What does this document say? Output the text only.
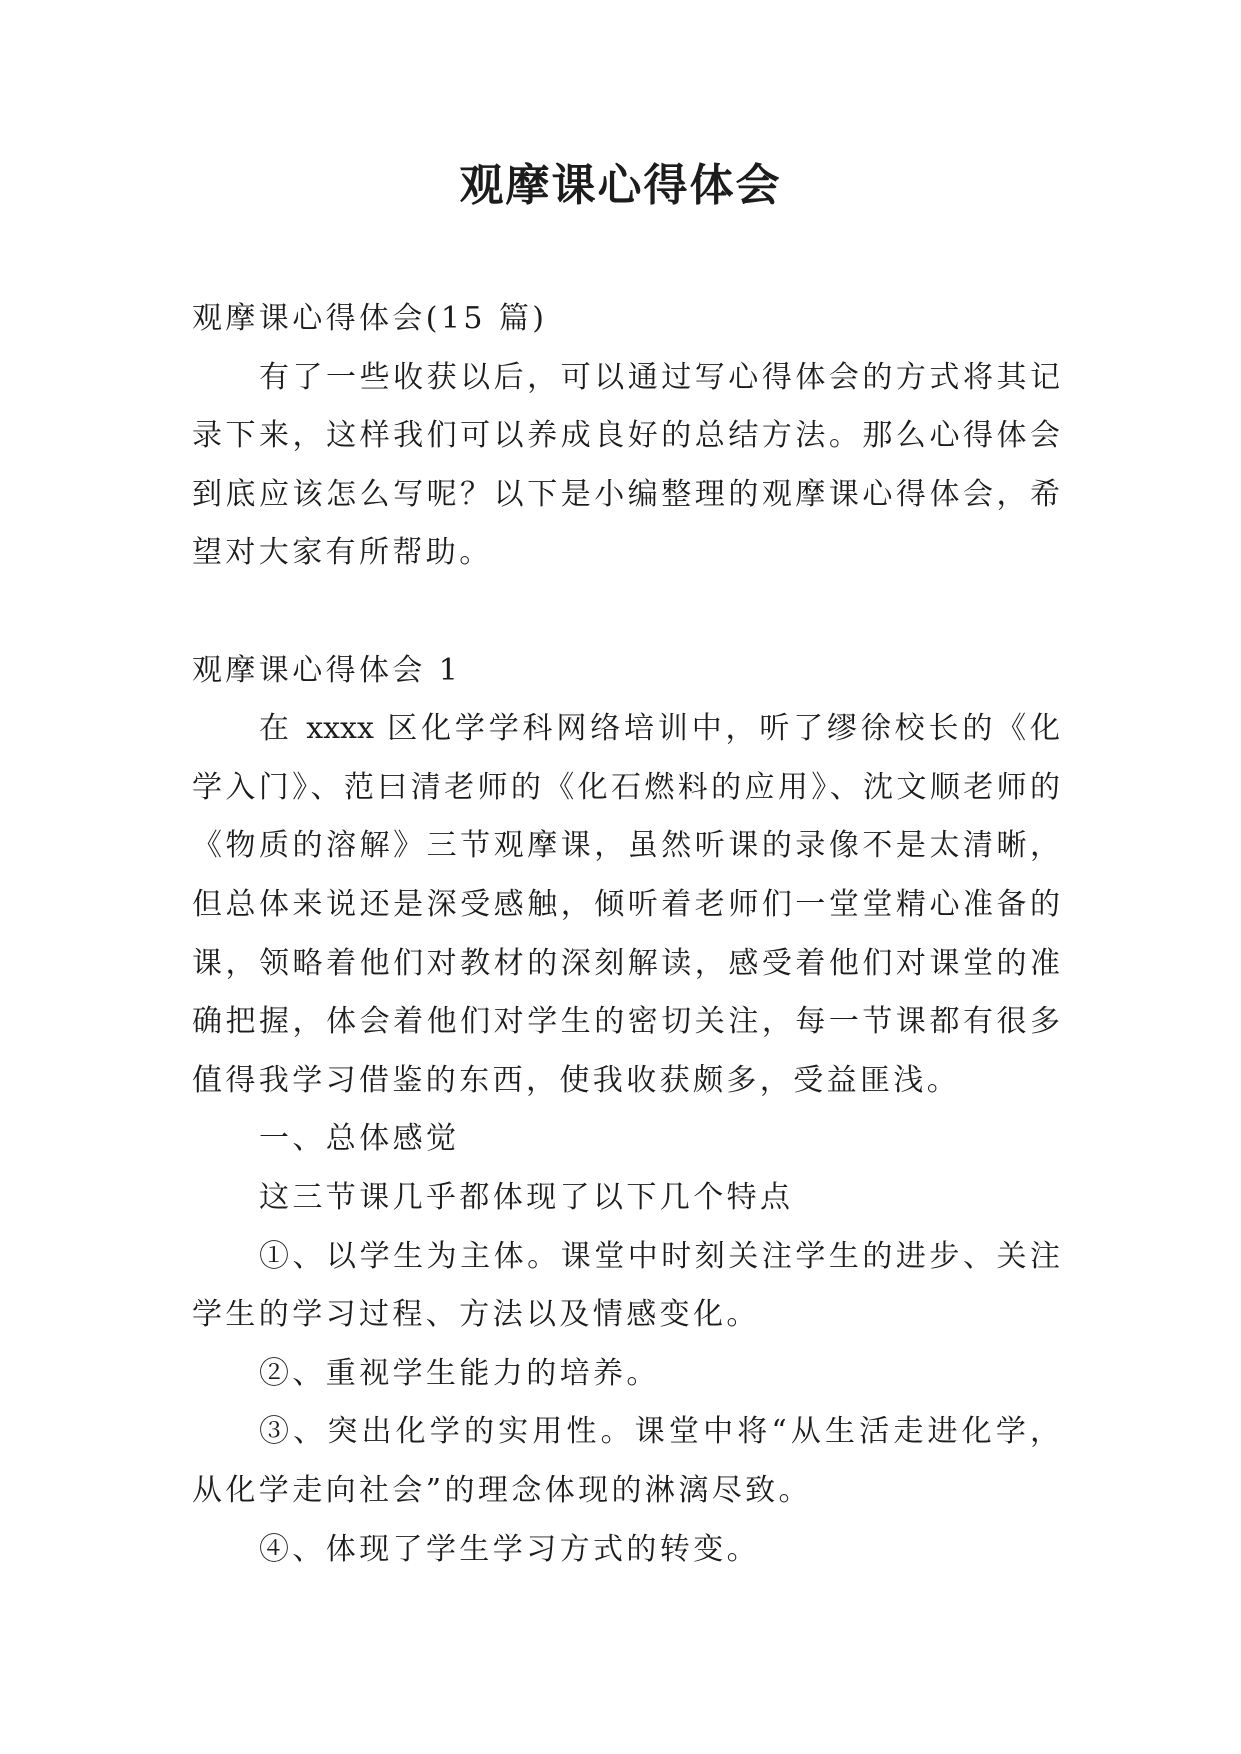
观摩课心得体会
观摩课心得体会(15 篇)
有了一些收获以后，可以通过写心得体会的方式将其记
录下来，这样我们可以养成良好的总结方法。那么心得体会
到底应该怎么写呢？以下是小编整理的观摩课心得体会，希
望对大家有所帮助。
观摩课心得体会 1
在 xxxx 区化学学科网络培训中，听了缪徐校长的《化
学入门》、范曰清老师的《化石燃料的应用》、沈文顺老师的
《物质的溶解》三节观摩课，虽然听课的录像不是太清晰，
但总体来说还是深受感触，倾听着老师们一堂堂精心准备的
课，领略着他们对教材的深刻解读，感受着他们对课堂的准
确把握，体会着他们对学生的密切关注，每一节课都有很多
值得我学习借鉴的东西，使我收获颇多，受益匪浅。
一、总体感觉
这三节课几乎都体现了以下几个特点
①、以学生为主体。课堂中时刻关注学生的进步、关注
学生的学习过程、方法以及情感变化。
②、重视学生能力的培养。
③、突出化学的实用性。课堂中将“从生活走进化学，
从化学走向社会”的理念体现的淋漓尽致。
④、体现了学生学习方式的转变。
